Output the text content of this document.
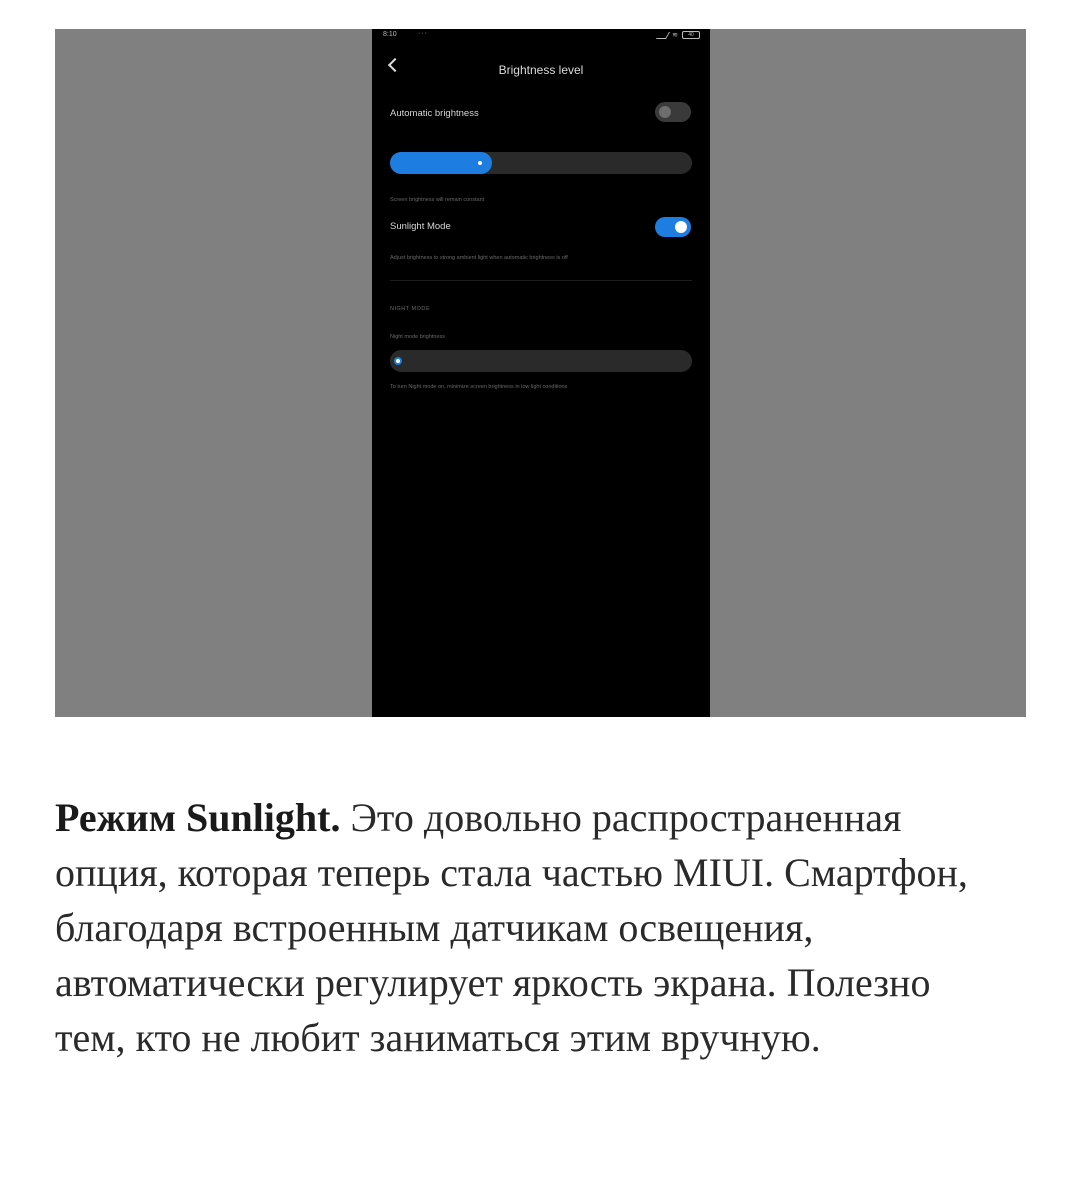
8:10	···	≋	40
Brightness level
Automatic brightness
Screen brightness will remain constant
Sunlight Mode
Adjust brightness to strong ambient light when automatic brightness is off
NIGHT MODE
Night mode brightness
To turn Night mode on, minimize screen brightness in low light conditions

Режим Sunlight. Это довольно распространенная опция, которая теперь стала частью MIUI. Смартфон, благодаря встроенным датчикам освещения, автоматически регулирует яркость экрана. Полезно тем, кто не любит заниматься этим вручную.
